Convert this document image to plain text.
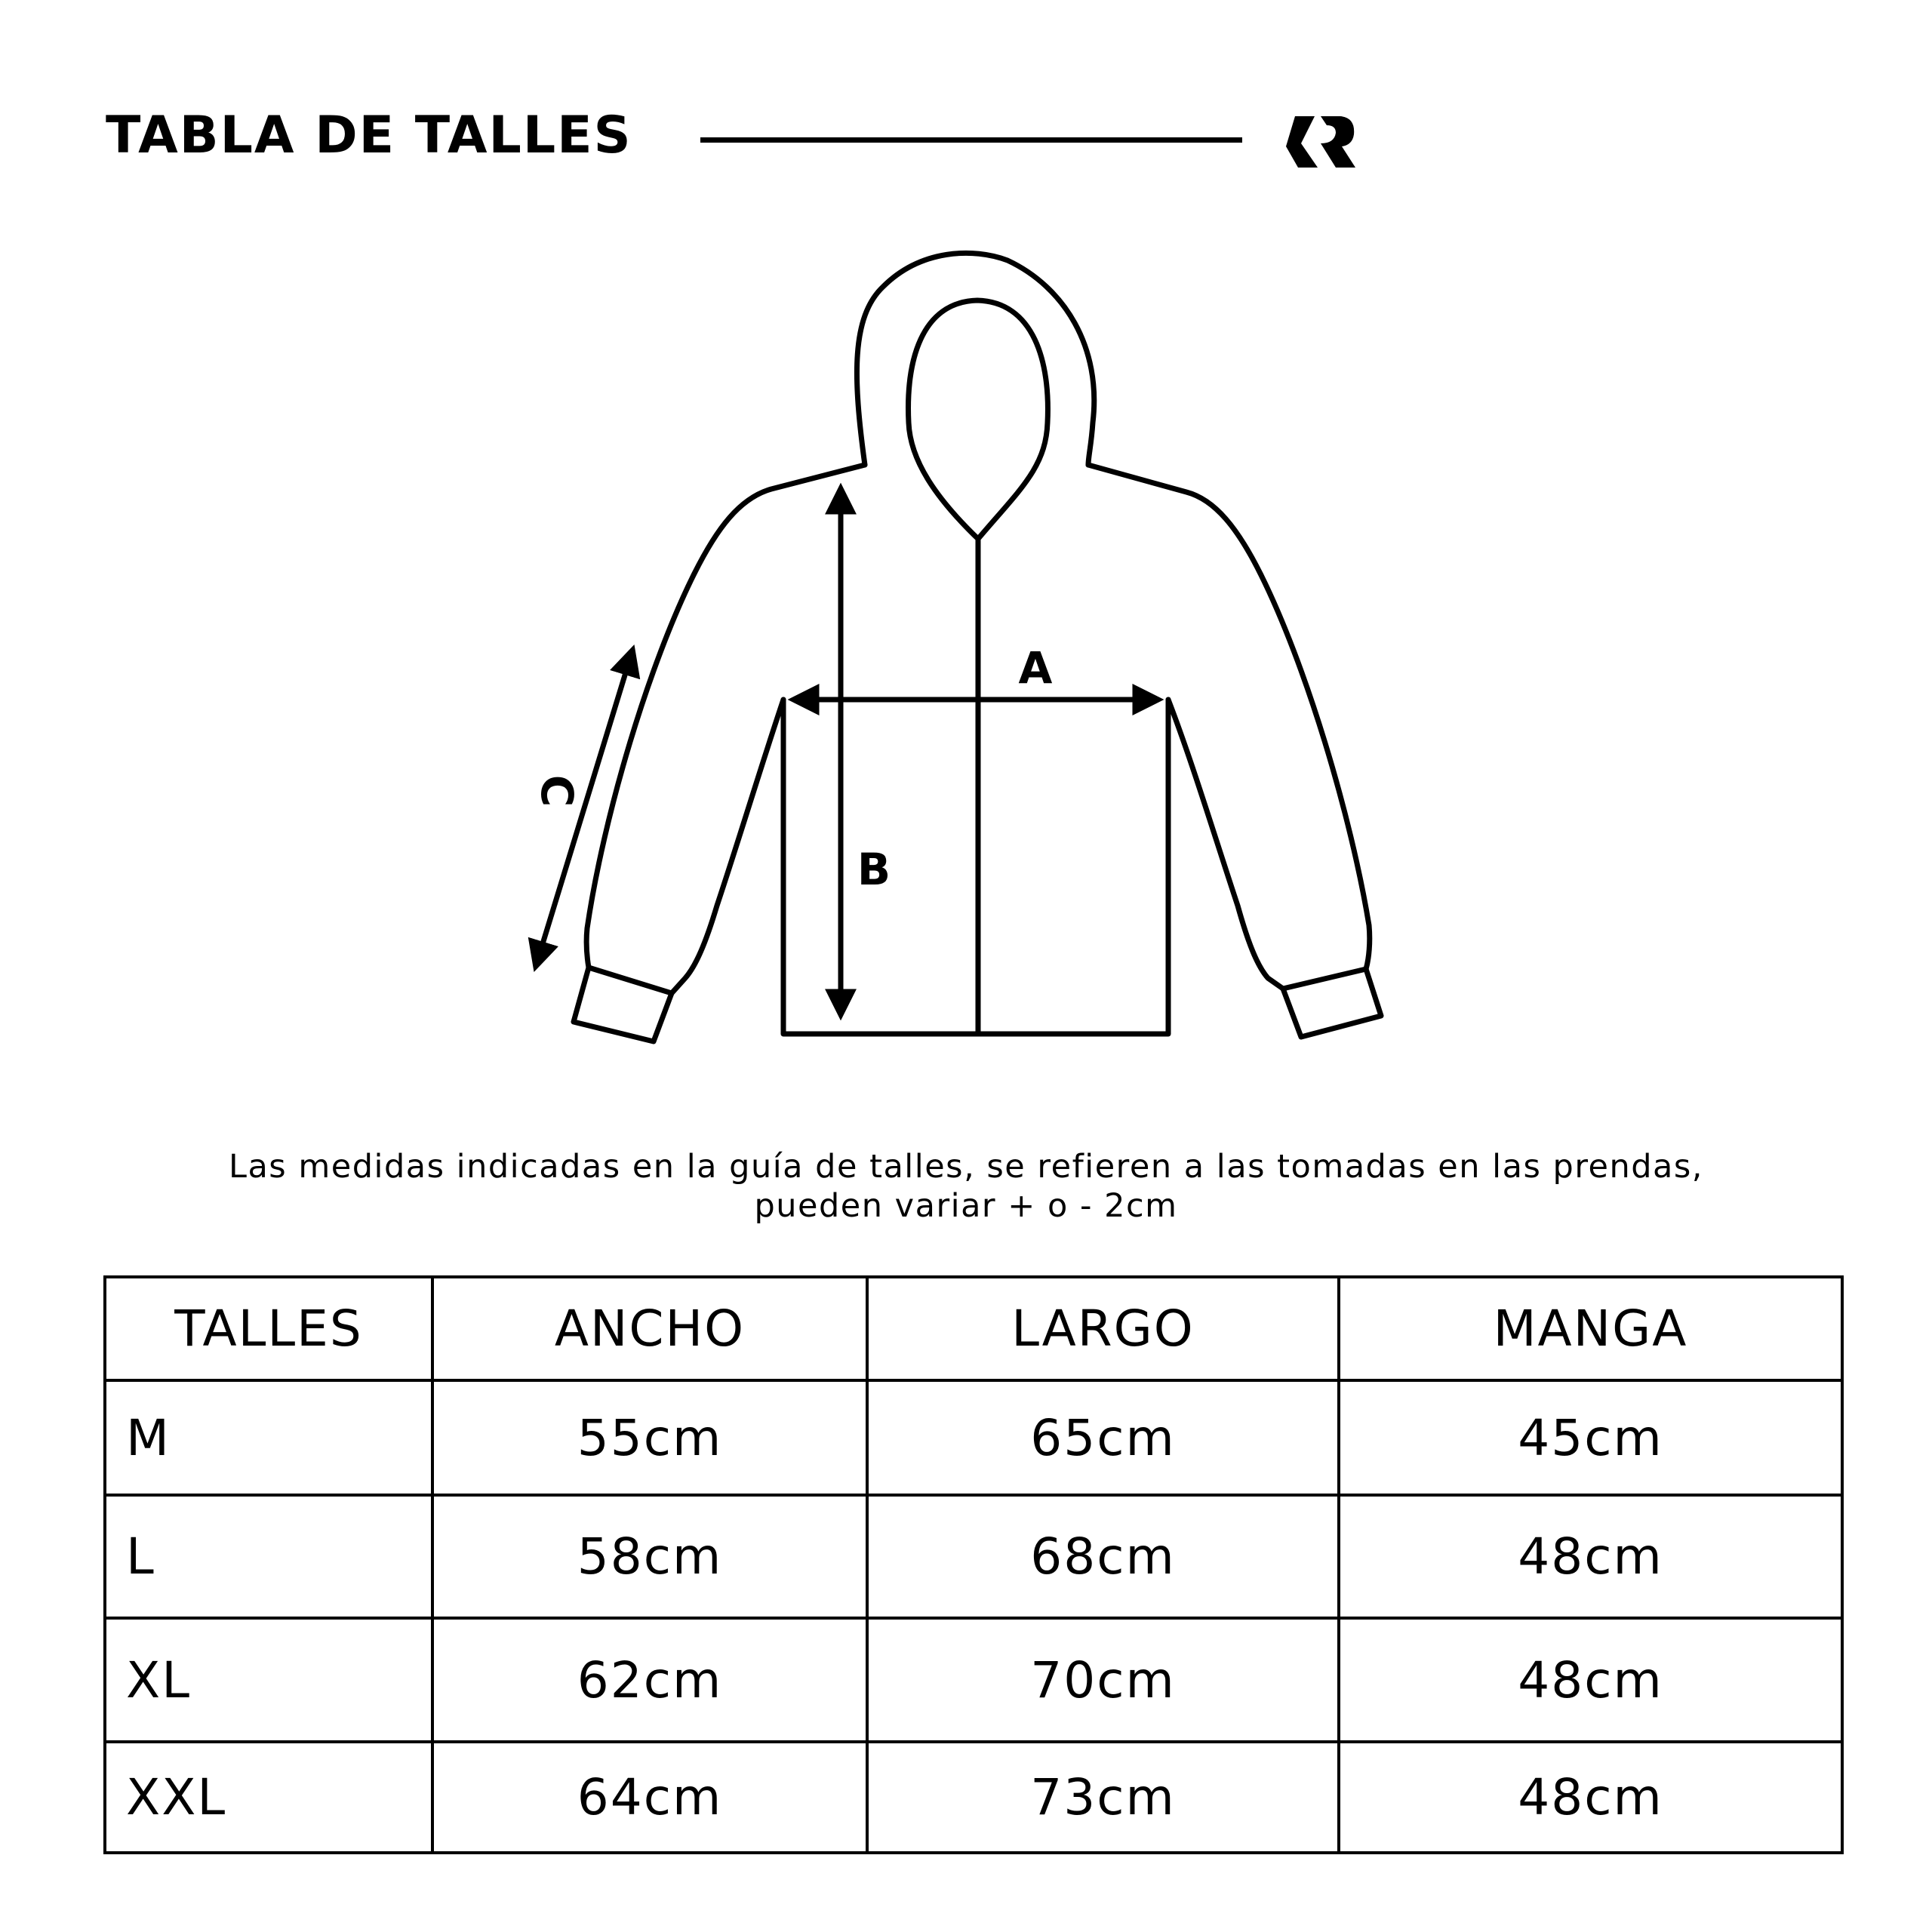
TABLA DE TALLES
A
B
C
Las medidas indicadas en la guía de talles, se refieren a las tomadas en las prendas,
pueden variar + o - 2cm
TALLES	ANCHO	LARGO	MANGA
M	55cm	65cm	45cm
L	58cm	68cm	48cm
XL	62cm	70cm	48cm
XXL	64cm	73cm	48cm
